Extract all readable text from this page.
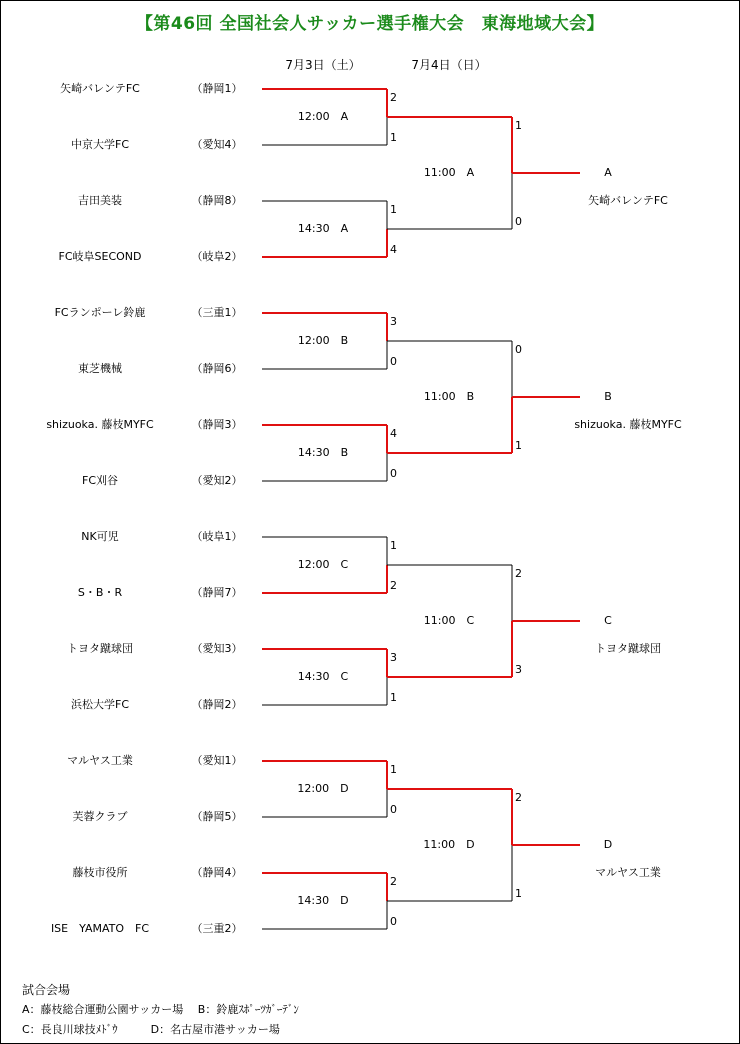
【第46回 全国社会人サッカー選手権大会　東海地域大会】
7月3日（土）	7月4日（日）
矢崎バレンテFC	（静岡1）
2
中京大学FC	（愛知4）
1
12:00　A
吉田美装	（静岡8）
1
FC岐阜SECOND	（岐阜2）
4
14:30　A
1
0
11:00　A	A
矢崎バレンテFC
FCランポーレ鈴鹿	（三重1）
3
東芝機械	（静岡6）
0
12:00　B
shizuoka. 藤枝MYFC	（静岡3）
4
FC刈谷	（愛知2）
0
14:30　B
0
1
11:00　B	B
shizuoka. 藤枝MYFC
NK可児	（岐阜1）
1
S・B・R	（静岡7）
2
12:00　C
トヨタ蹴球団	（愛知3）
3
浜松大学FC	（静岡2）
1
14:30　C
2
3
11:00　C	C
トヨタ蹴球団
マルヤス工業	（愛知1）
1
芙蓉クラブ	（静岡5）
0
12:00　D
藤枝市役所	（静岡4）
2
ISE　YAMATO　FC	（三重2）
0
14:30　D
2
1
11:00　D	D
マルヤス工業
試合会場
A：藤枝総合運動公園サッカー場　 B：鈴鹿ｽﾎﾟｰﾂｶﾞｰﾃﾞﾝ
C：長良川球技ﾒﾄﾞｳ　　　D：名古屋市港サッカー場
